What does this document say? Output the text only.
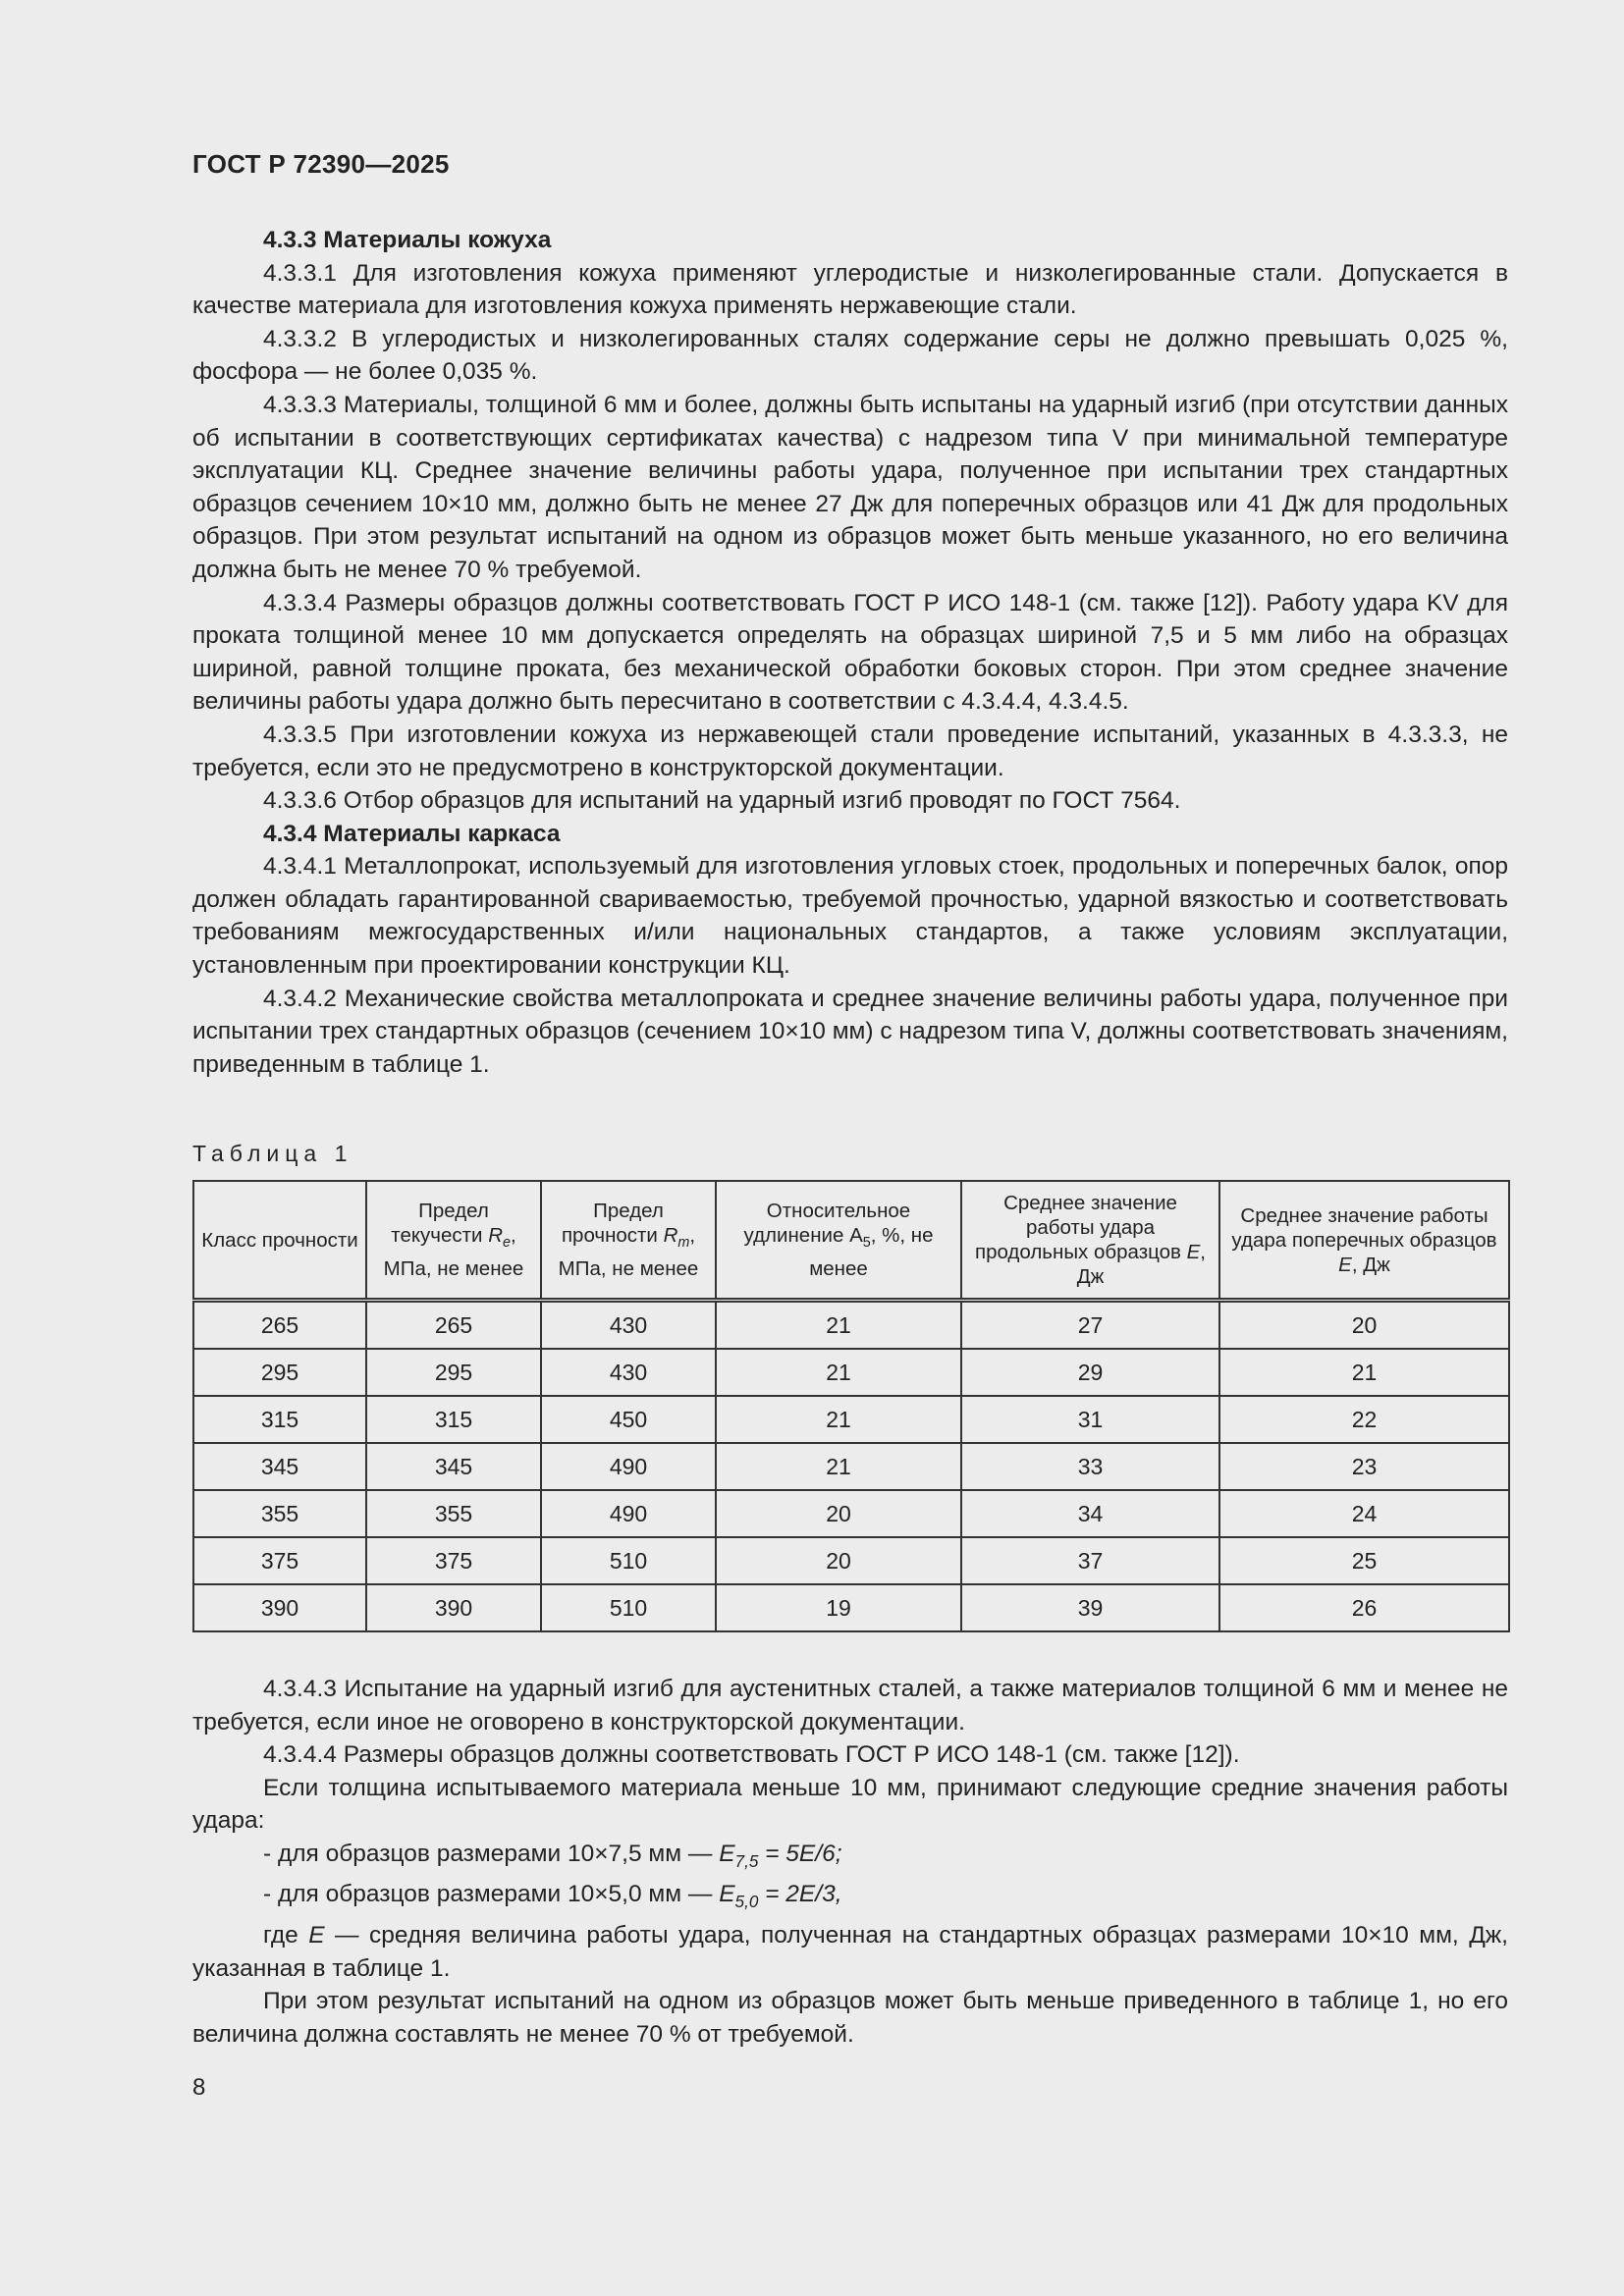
ГОСТ Р 72390—2025

4.3.3 Материалы кожуха

4.3.3.1 Для изготовления кожуха применяют углеродистые и низколегированные стали. Допускается в качестве материала для изготовления кожуха применять нержавеющие стали.

4.3.3.2 В углеродистых и низколегированных сталях содержание серы не должно превышать 0,025 %, фосфора — не более 0,035 %.

4.3.3.3 Материалы, толщиной 6 мм и более, должны быть испытаны на ударный изгиб (при отсутствии данных об испытании в соответствующих сертификатах качества) с надрезом типа V при минимальной температуре эксплуатации КЦ. Среднее значение величины работы удара, полученное при испытании трех стандартных образцов сечением 10×10 мм, должно быть не менее 27 Дж для поперечных образцов или 41 Дж для продольных образцов. При этом результат испытаний на одном из образцов может быть меньше указанного, но его величина должна быть не менее 70 % требуемой.

4.3.3.4 Размеры образцов должны соответствовать ГОСТ Р ИСО 148-1 (см. также [12]). Работу удара KV для проката толщиной менее 10 мм допускается определять на образцах шириной 7,5 и 5 мм либо на образцах шириной, равной толщине проката, без механической обработки боковых сторон. При этом среднее значение величины работы удара должно быть пересчитано в соответствии с 4.3.4.4, 4.3.4.5.

4.3.3.5 При изготовлении кожуха из нержавеющей стали проведение испытаний, указанных в 4.3.3.3, не требуется, если это не предусмотрено в конструкторской документации.

4.3.3.6 Отбор образцов для испытаний на ударный изгиб проводят по ГОСТ 7564.

4.3.4 Материалы каркаса

4.3.4.1 Металлопрокат, используемый для изготовления угловых стоек, продольных и поперечных балок, опор должен обладать гарантированной свариваемостью, требуемой прочностью, ударной вязкостью и соответствовать требованиям межгосударственных и/или национальных стандартов, а также условиям эксплуатации, установленным при проектировании конструкции КЦ.

4.3.4.2 Механические свойства металлопроката и среднее значение величины работы удара, полученное при испытании трех стандартных образцов (сечением 10×10 мм) с надрезом типа V, должны соответствовать значениям, приведенным в таблице 1.

Таблица 1
Класс прочности	Предел текучести $R_e$, МПа, не менее	Предел прочности $R_m$, МПа, не менее	Относительное удлинение $А_5$, %, не менее	Среднее значение работы удара продольных образцов Е, Дж	Среднее значение работы удара поперечных образцов Е, Дж
265	265	430	21	27	20
295	295	430	21	29	21
315	315	450	21	31	22
345	345	490	21	33	23
355	355	490	20	34	24
375	375	510	20	37	25
390	390	510	19	39	26

4.3.4.3 Испытание на ударный изгиб для аустенитных сталей, а также материалов толщиной 6 мм и менее не требуется, если иное не оговорено в конструкторской документации.

4.3.4.4 Размеры образцов должны соответствовать ГОСТ Р ИСО 148-1 (см. также [12]).

Если толщина испытываемого материала меньше 10 мм, принимают следующие средние значения работы удара:

- для образцов размерами 10×7,5 мм — $E_{7,5} = 5E/6$;

- для образцов размерами 10×5,0 мм — $E_{5,0} = 2E/3$,

где E — средняя величина работы удара, полученная на стандартных образцах размерами 10×10 мм, Дж, указанная в таблице 1.

При этом результат испытаний на одном из образцов может быть меньше приведенного в таблице 1, но его величина должна составлять не менее 70 % от требуемой.

8
